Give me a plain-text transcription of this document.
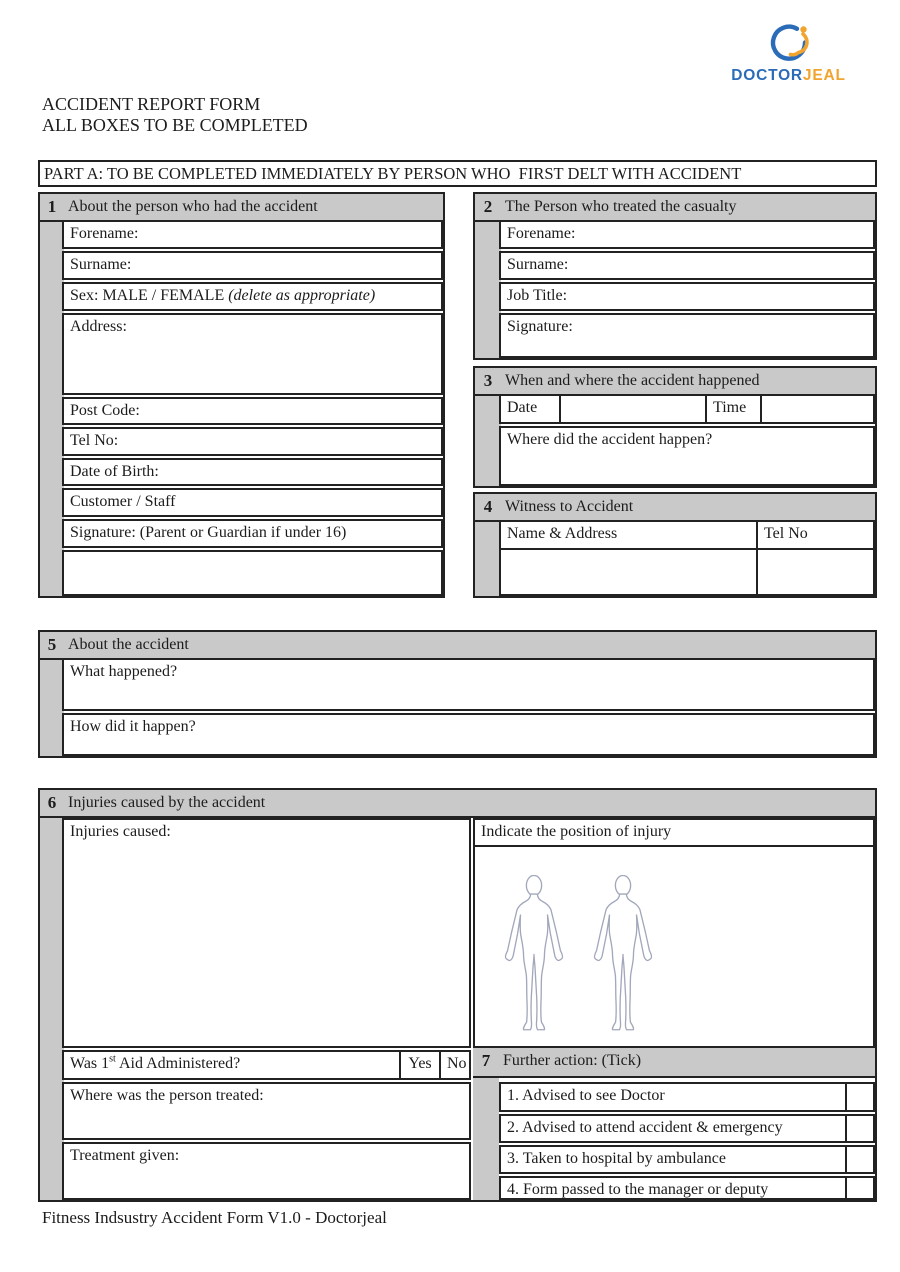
DOCTORJEAL
ACCIDENT REPORT FORM
ALL BOXES TO BE COMPLETED
PART A: TO BE COMPLETED IMMEDIATELY BY PERSON WHO  FIRST DELT WITH ACCIDENT
1 About the person who had the accident
Forename:
Surname:
Sex: MALE / FEMALE (delete as appropriate)
Address:
Post Code:
Tel No:
Date of Birth:
Customer / Staff
Signature: (Parent or Guardian if under 16)
2 The Person who treated the casualty
Forename:
Surname:
Job Title:
Signature:
3 When and where the accident happened
Date	Time
Where did the accident happen?
4 Witness to Accident
Name & Address	Tel No
5 About the accident
What happened?
How did it happen?
6 Injuries caused by the accident
Injuries caused:
Was 1st Aid Administered?	Yes No
Where was the person treated:
Treatment given:
Indicate the position of injury
7 Further action: (Tick)
1. Advised to see Doctor
2. Advised to attend accident & emergency
3. Taken to hospital by ambulance
4. Form passed to the manager or deputy
Fitness Indsustry Accident Form V1.0 - Doctorjeal
